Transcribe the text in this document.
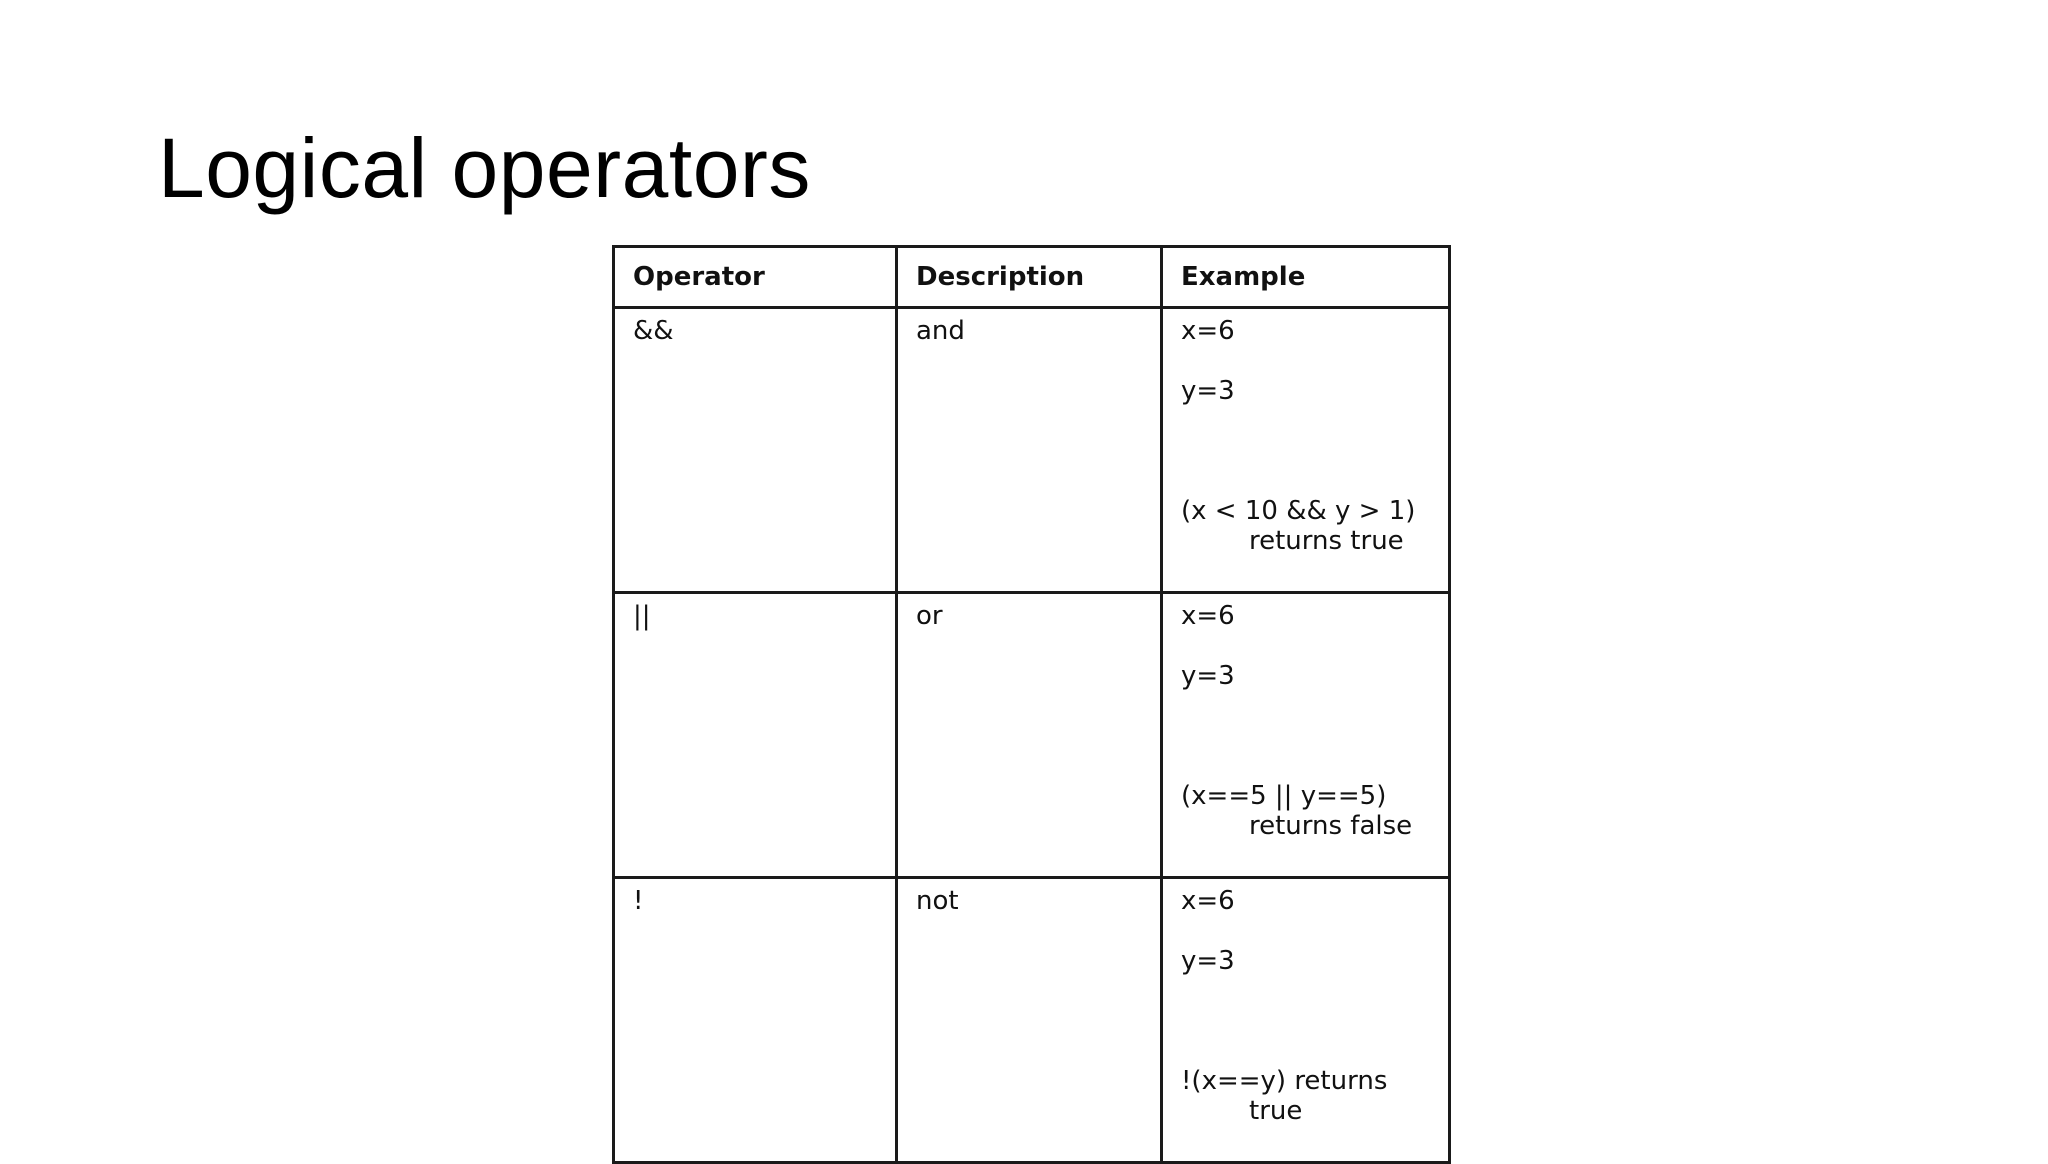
Logical operators
Operator	Description	Example

&&	and	x=6
y=3
(x < 10 && y > 1)
returns true

||	or	x=6
y=3
(x==5 || y==5)
returns false

!	not	x=6
y=3
!(x==y) returns
true
